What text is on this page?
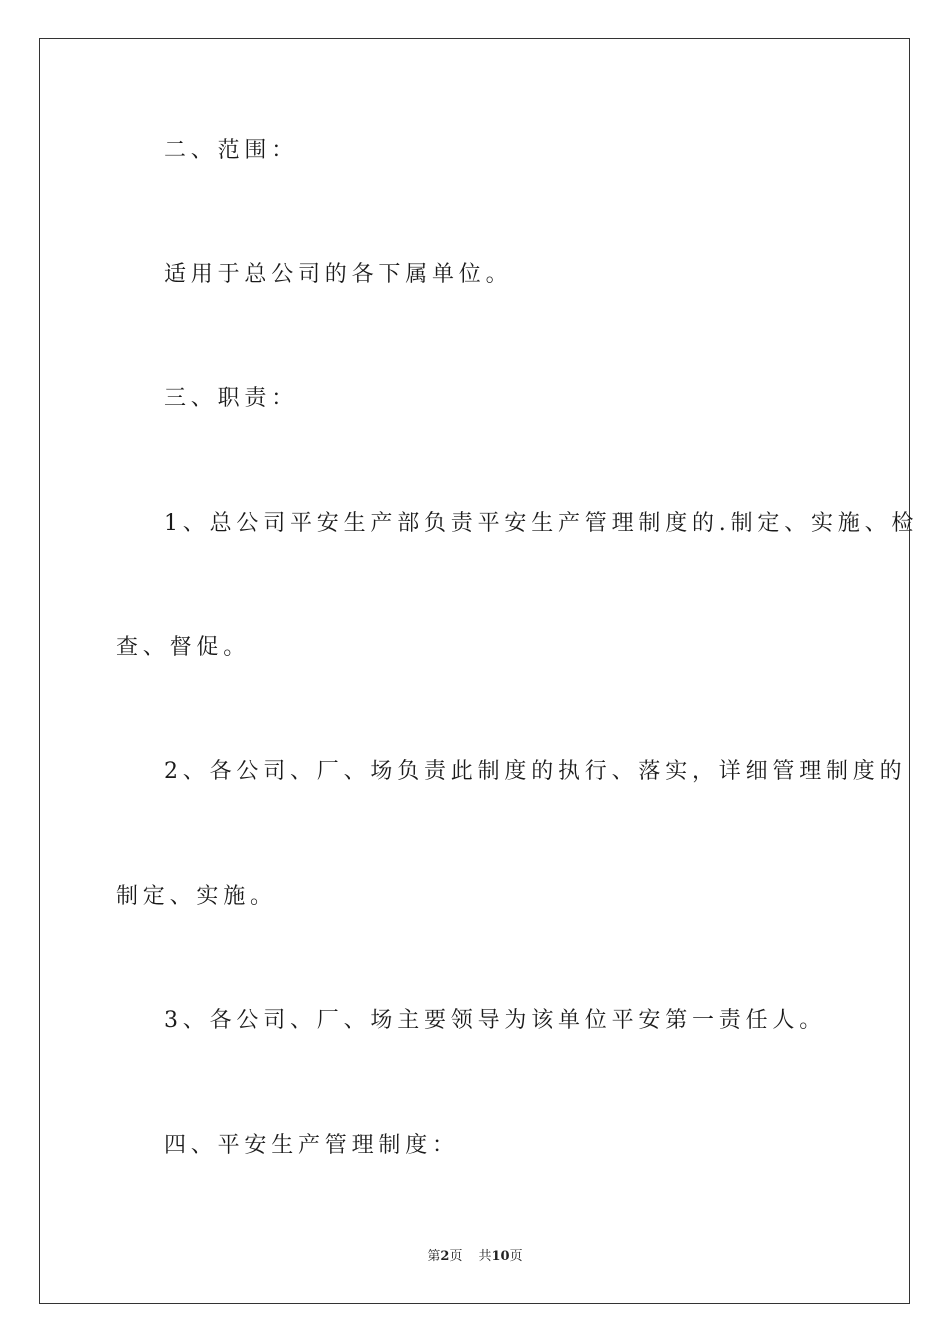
二、范围：

适用于总公司的各下属单位。

三、职责：

1、总公司平安生产部负责平安生产管理制度的.制定、实施、检

查、督促。

2、各公司、厂、场负责此制度的执行、落实，详细管理制度的

制定、实施。

3、各公司、厂、场主要领导为该单位平安第一责任人。

四、平安生产管理制度：

第2页 共10页
